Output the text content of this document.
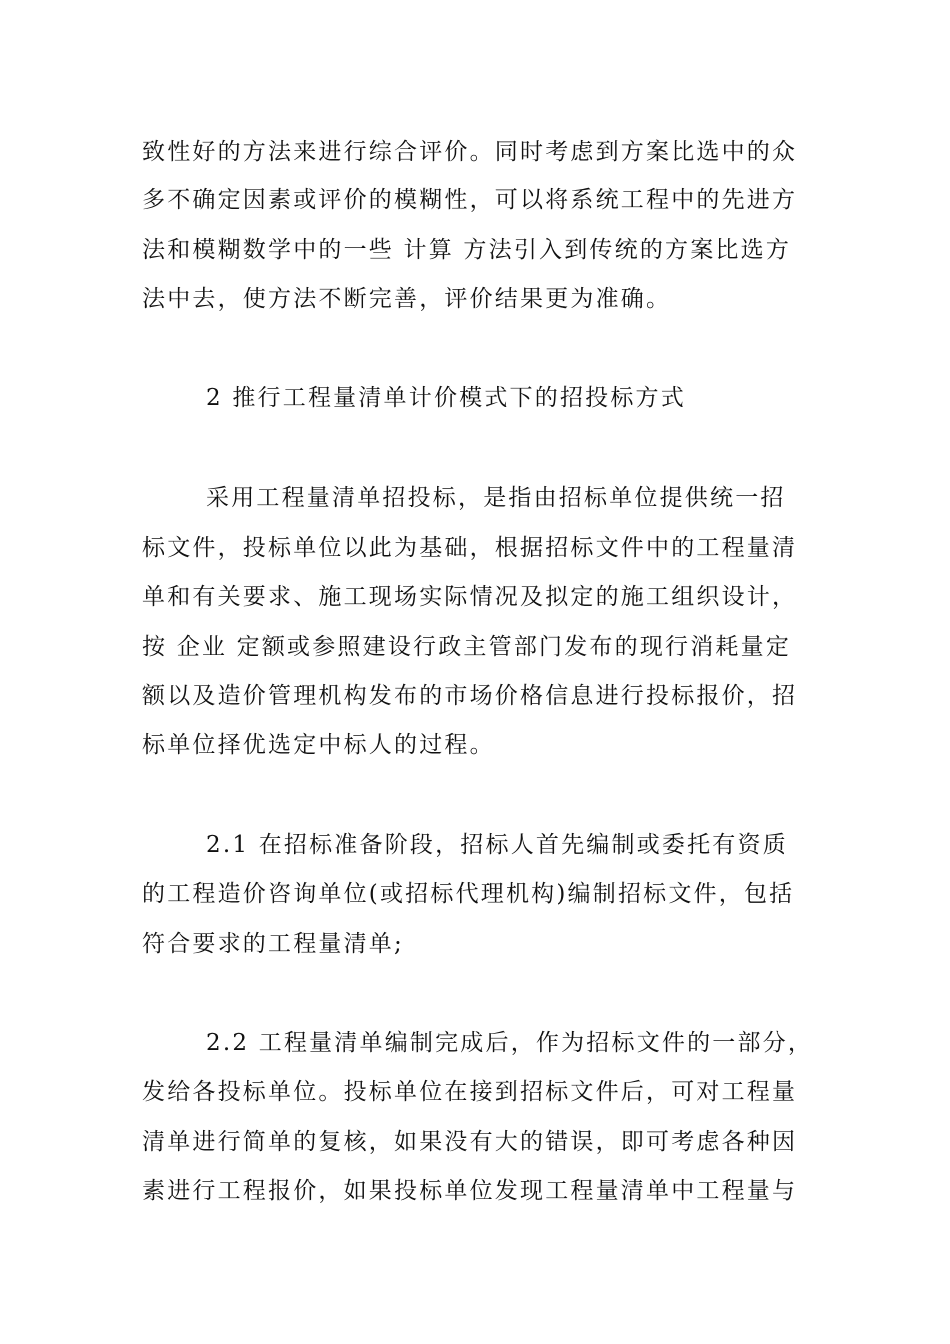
致性好的方法来进行综合评价。同时考虑到方案比选中的众
多不确定因素或评价的模糊性，可以将系统工程中的先进方
法和模糊数学中的一些 计算 方法引入到传统的方案比选方
法中去，使方法不断完善，评价结果更为准确。
2 推行工程量清单计价模式下的招投标方式
采用工程量清单招投标，是指由招标单位提供统一招
标文件，投标单位以此为基础，根据招标文件中的工程量清
单和有关要求、施工现场实际情况及拟定的施工组织设计，
按 企业 定额或参照建设行政主管部门发布的现行消耗量定
额以及造价管理机构发布的市场价格信息进行投标报价，招
标单位择优选定中标人的过程。
2.1 在招标准备阶段，招标人首先编制或委托有资质
的工程造价咨询单位(或招标代理机构)编制招标文件，包括
符合要求的工程量清单;
2.2 工程量清单编制完成后，作为招标文件的一部分，
发给各投标单位。投标单位在接到招标文件后，可对工程量
清单进行简单的复核，如果没有大的错误，即可考虑各种因
素进行工程报价，如果投标单位发现工程量清单中工程量与
